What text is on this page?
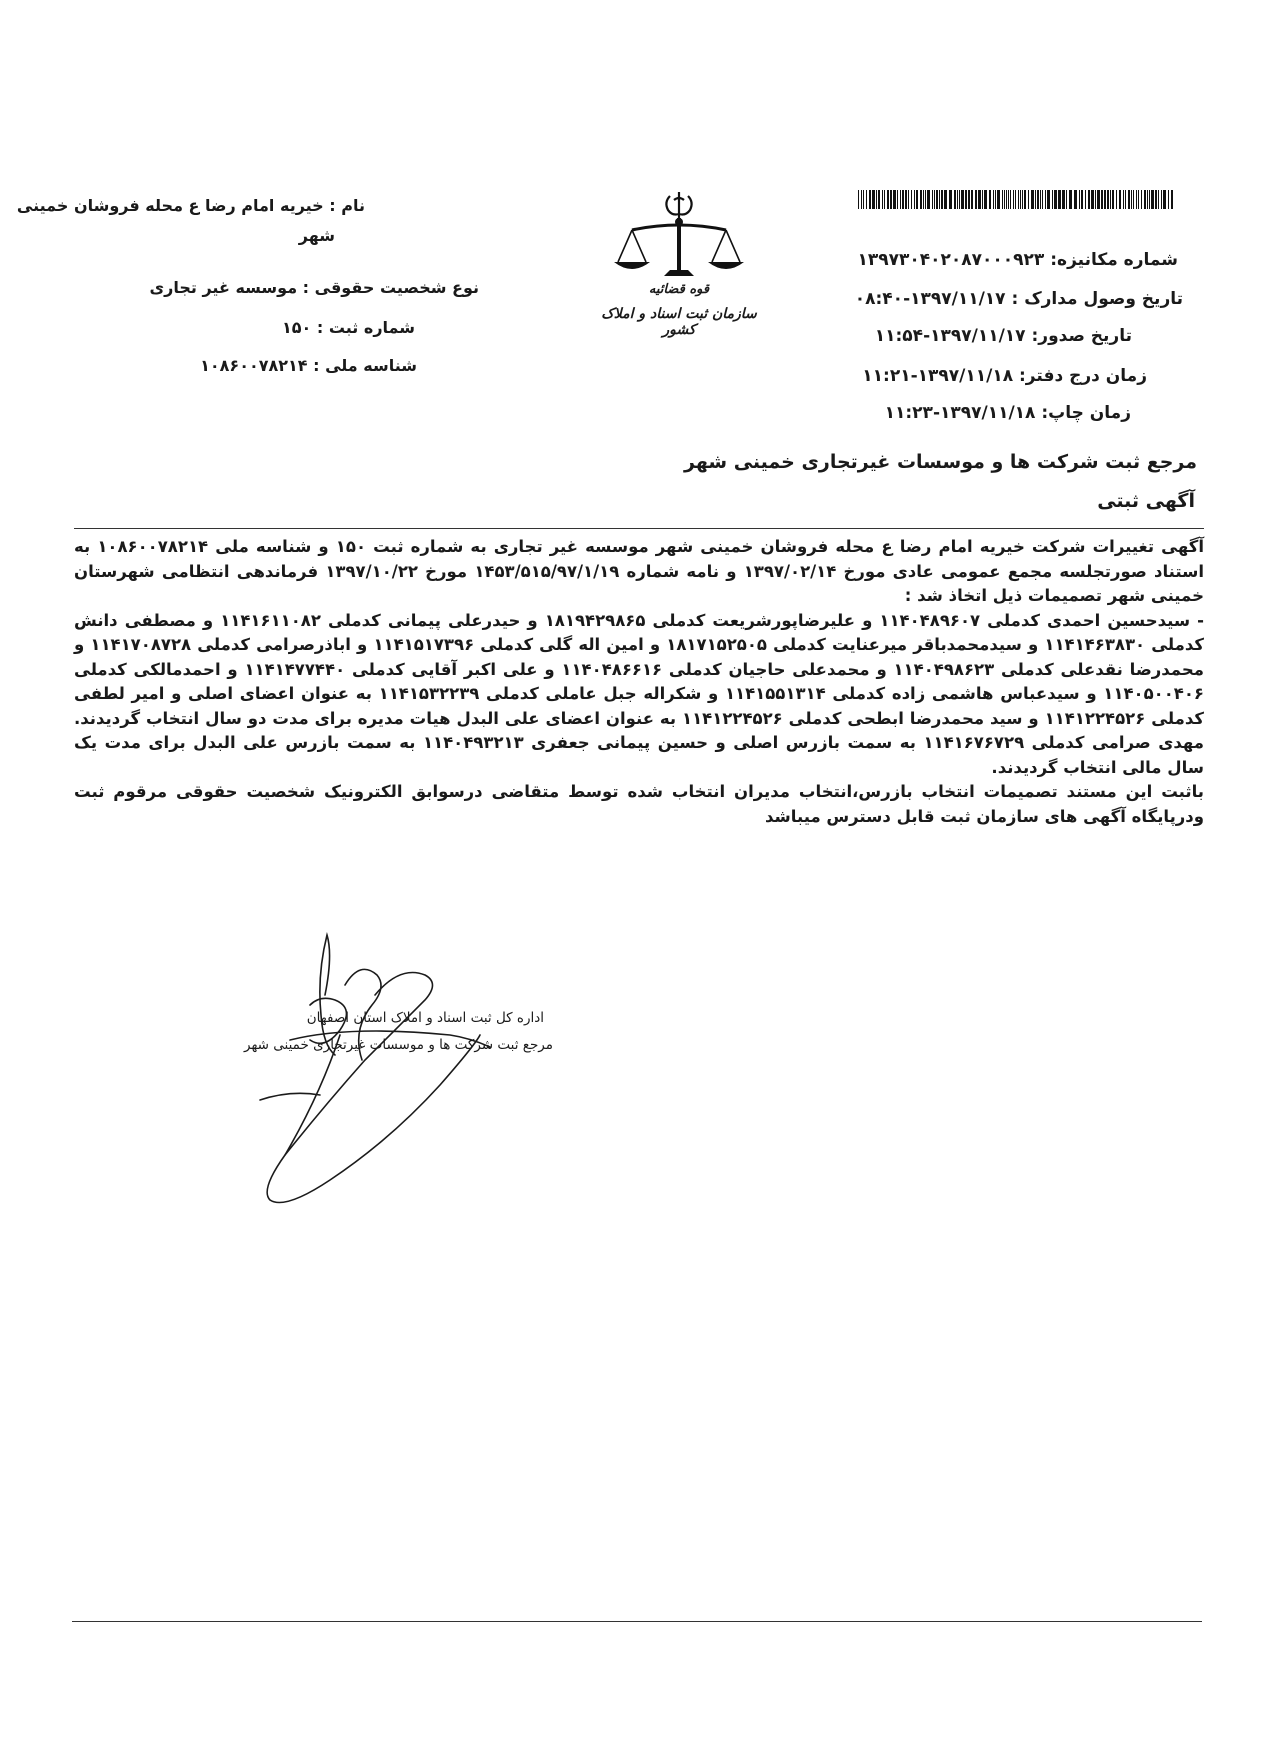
قوه قضائیه
سازمان ثبت اسناد و املاک کشور
نام : خیریه امام رضا ع محله فروشان خمینی
شهر
نوع شخصیت حقوقی : موسسه غیر تجاری
شماره ثبت : ۱۵۰
شناسه ملی : ۱۰۸۶۰۰۷۸۲۱۴
شماره مکانیزه: ۱۳۹۷۳۰۴۰۲۰۸۷۰۰۰۹۲۳
تاریخ وصول مدارک : ۱۳۹۷/۱۱/۱۷-۰۸:۴۰
تاریخ صدور: ۱۳۹۷/۱۱/۱۷-۱۱:۵۴
زمان درج دفتر: ۱۳۹۷/۱۱/۱۸-۱۱:۲۱
زمان چاپ: ۱۳۹۷/۱۱/۱۸-۱۱:۲۳
مرجع ثبت شرکت ها و موسسات غیرتجاری خمینی شهر
آگهی ثبتی

آگهی تغییرات شرکت خیریه امام رضا ع محله فروشان خمینی شهر موسسه غیر تجاری به شماره ثبت ۱۵۰ و شناسه ملی ۱۰۸۶۰۰۷۸۲۱۴ به استناد صورتجلسه مجمع عمومی عادی مورخ ۱۳۹۷/۰۲/۱۴ و نامه شماره ۱۴۵۳/۵۱۵/۹۷/۱/۱۹ مورخ ۱۳۹۷/۱۰/۲۲ فرماندهی انتظامی شهرستان خمینی شهر تصمیمات ذیل اتخاذ شد :

- سیدحسین احمدی کدملی ۱۱۴۰۴۸۹۶۰۷ و علیرضاپورشریعت کدملی ۱۸۱۹۴۲۹۸۶۵ و حیدرعلی پیمانی کدملی ۱۱۴۱۶۱۱۰۸۲ و مصطفی دانش کدملی ۱۱۴۱۴۶۳۸۳۰ و سیدمحمدباقر میرعنایت کدملی ۱۸۱۷۱۵۲۵۰۵ و امین اله گلی کدملی ۱۱۴۱۵۱۷۳۹۶ و اباذرصرامی کدملی ۱۱۴۱۷۰۸۷۲۸ و محمدرضا نقدعلی کدملی ۱۱۴۰۴۹۸۶۲۳ و محمدعلی حاجیان کدملی ۱۱۴۰۴۸۶۶۱۶ و علی اکبر آقایی کدملی ۱۱۴۱۴۷۷۴۴۰ و احمدمالکی کدملی ۱۱۴۰۵۰۰۴۰۶ و سیدعباس هاشمی زاده کدملی ۱۱۴۱۵۵۱۳۱۴ و شکراله جبل عاملی کدملی ۱۱۴۱۵۳۲۲۳۹ به عنوان اعضای اصلی و امیر لطفی کدملی ۱۱۴۱۲۲۴۵۲۶ و سید محمدرضا ابطحی کدملی ۱۱۴۱۲۲۴۵۲۶ به عنوان اعضای علی البدل هیات مدیره برای مدت دو سال انتخاب گردیدند. مهدی صرامی کدملی ۱۱۴۱۶۷۶۷۲۹ به سمت بازرس اصلی و حسین پیمانی جعفری ۱۱۴۰۴۹۳۲۱۳ به سمت بازرس علی البدل برای مدت یک سال مالی انتخاب گردیدند.

باثبت این مستند تصمیمات انتخاب بازرس،انتخاب مدیران انتخاب شده توسط متقاضی درسوابق الکترونیک شخصیت حقوقی مرقوم ثبت ودرپایگاه آگهی های سازمان ثبت قابل دسترس میباشد

اداره کل ثبت اسناد و املاک استان اصفهان
مرجع ثبت شرکت ها و موسسات غیرتجاری خمینی شهر
